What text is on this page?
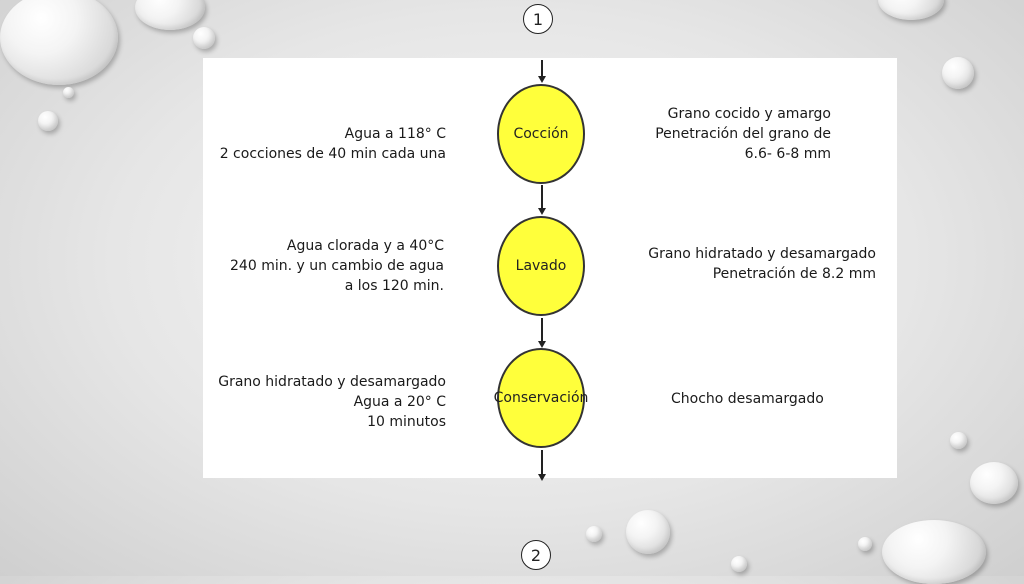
1
2
Cocción
Agua a 118° C
2 cocciones de 40 min cada una
Grano cocido y amargo
Penetración del grano de
6.6- 6-8 mm
Lavado
Agua clorada y a 40°C
240 min. y un cambio de agua
a los 120 min.
Grano hidratado y desamargado
Penetración de 8.2 mm
Conservación
Grano hidratado y desamargado
Agua a 20° C
10 minutos
Chocho desamargado
